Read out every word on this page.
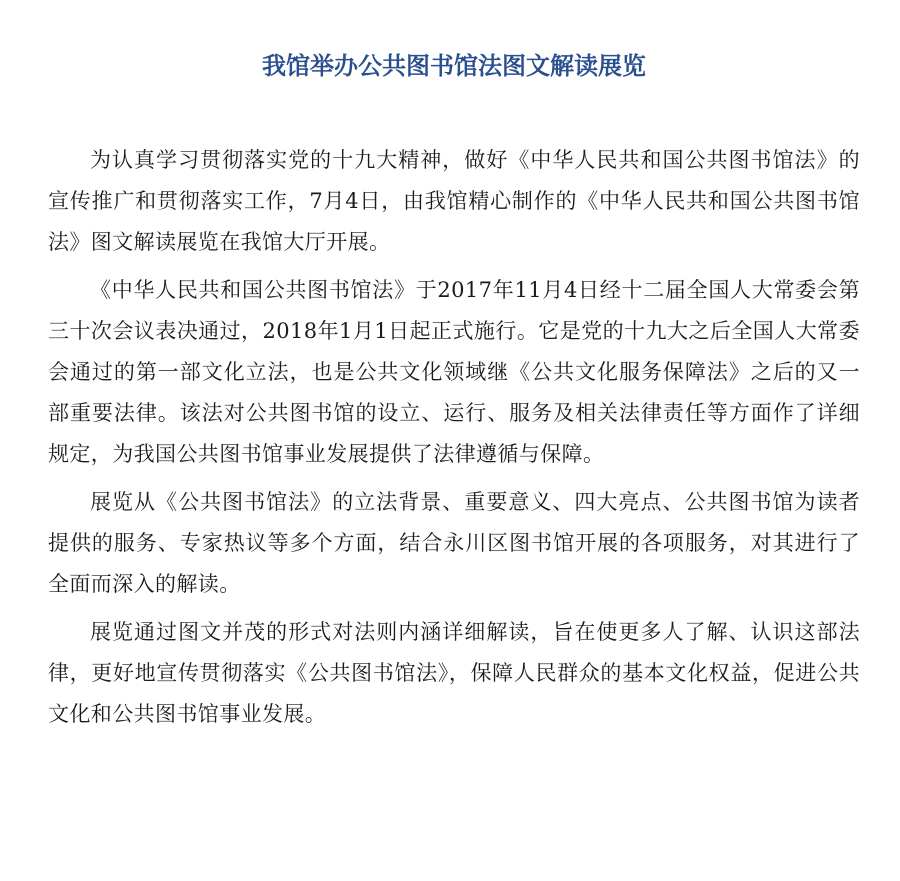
我馆举办公共图书馆法图文解读展览

为认真学习贯彻落实党的十九大精神，做好《中华人民共和国公共图书馆法》的宣传推广和贯彻落实工作，7月4日，由我馆精心制作的《中华人民共和国公共图书馆法》图文解读展览在我馆大厅开展。

《中华人民共和国公共图书馆法》于2017年11月4日经十二届全国人大常委会第三十次会议表决通过，2018年1月1日起正式施行。它是党的十九大之后全国人大常委会通过的第一部文化立法，也是公共文化领域继《公共文化服务保障法》之后的又一部重要法律。该法对公共图书馆的设立、运行、服务及相关法律责任等方面作了详细规定，为我国公共图书馆事业发展提供了法律遵循与保障。

展览从《公共图书馆法》的立法背景、重要意义、四大亮点、公共图书馆为读者提供的服务、专家热议等多个方面，结合永川区图书馆开展的各项服务，对其进行了全面而深入的解读。

展览通过图文并茂的形式对法则内涵详细解读，旨在使更多人了解、认识这部法律，更好地宣传贯彻落实《公共图书馆法》，保障人民群众的基本文化权益，促进公共文化和公共图书馆事业发展。
